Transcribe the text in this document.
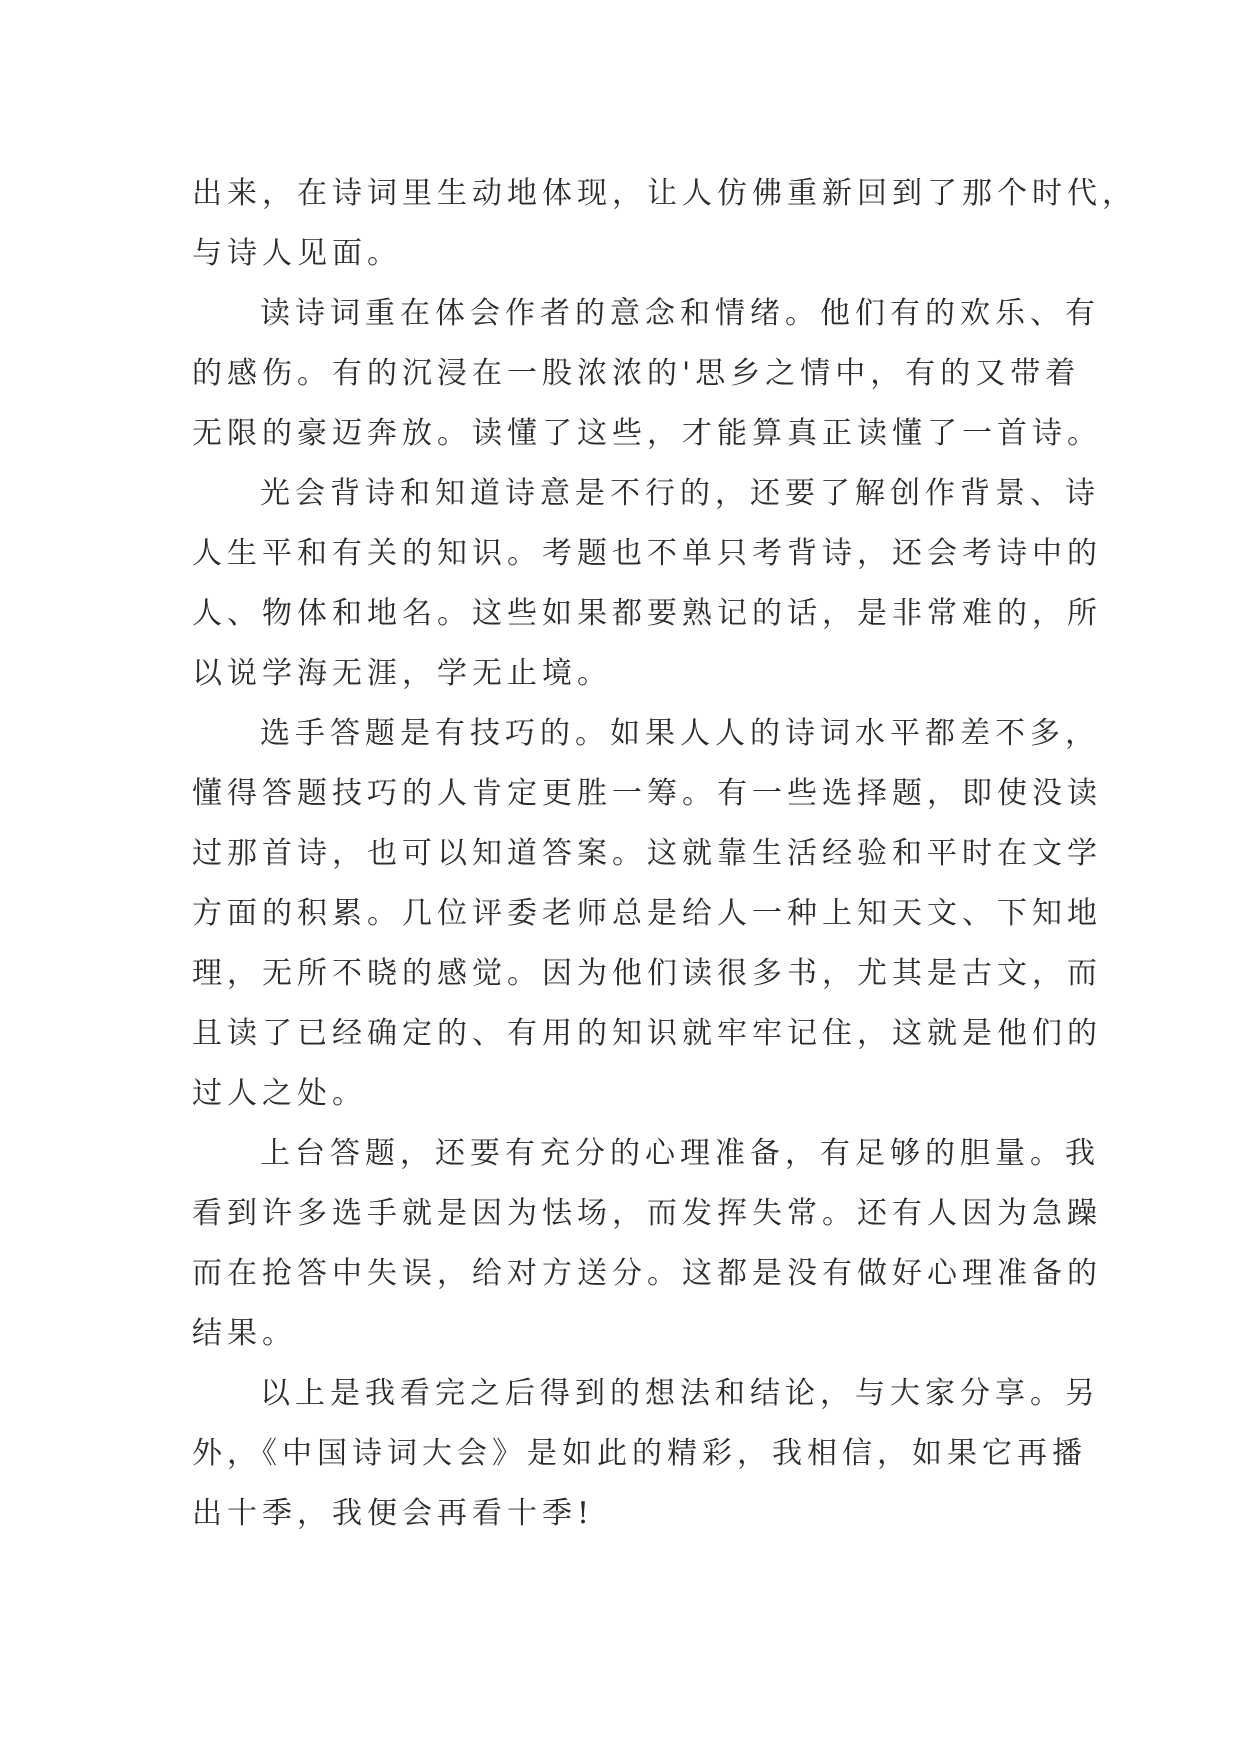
出来，在诗词里生动地体现，让人仿佛重新回到了那个时代，
与诗人见面。
读诗词重在体会作者的意念和情绪。他们有的欢乐、有
的感伤。有的沉浸在一股浓浓的'思乡之情中，有的又带着
无限的豪迈奔放。读懂了这些，才能算真正读懂了一首诗。
光会背诗和知道诗意是不行的，还要了解创作背景、诗
人生平和有关的知识。考题也不单只考背诗，还会考诗中的
人、物体和地名。这些如果都要熟记的话，是非常难的，所
以说学海无涯，学无止境。
选手答题是有技巧的。如果人人的诗词水平都差不多，
懂得答题技巧的人肯定更胜一筹。有一些选择题，即使没读
过那首诗，也可以知道答案。这就靠生活经验和平时在文学
方面的积累。几位评委老师总是给人一种上知天文、下知地
理，无所不晓的感觉。因为他们读很多书，尤其是古文，而
且读了已经确定的、有用的知识就牢牢记住，这就是他们的
过人之处。
上台答题，还要有充分的心理准备，有足够的胆量。我
看到许多选手就是因为怯场，而发挥失常。还有人因为急躁
而在抢答中失误，给对方送分。这都是没有做好心理准备的
结果。
以上是我看完之后得到的想法和结论，与大家分享。另
外，《中国诗词大会》是如此的精彩，我相信，如果它再播
出十季，我便会再看十季!
